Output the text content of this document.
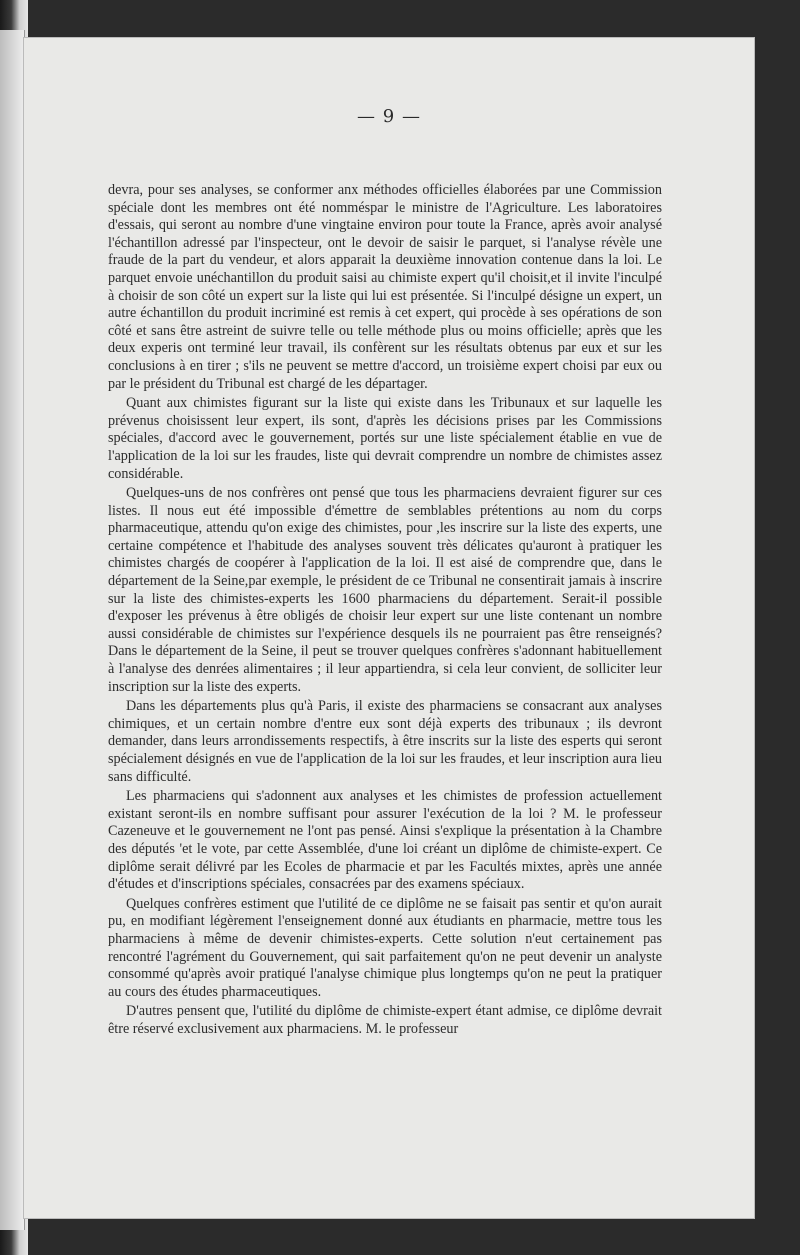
— 9 —

devra, pour ses analyses, se conformer anx méthodes officielles élaborées par une Commission spéciale dont les membres ont été nomméspar le ministre de l'Agriculture. Les laboratoires d'essais, qui seront au nombre d'une vingtaine environ pour toute la France, après avoir analysé l'échantillon adressé par l'inspecteur, ont le devoir de saisir le parquet, si l'analyse révèle une fraude de la part du vendeur, et alors apparait la deuxième innovation contenue dans la loi. Le parquet envoie unéchantillon du produit saisi au chimiste expert qu'il choisit,et il invite l'inculpé à choisir de son côté un expert sur la liste qui lui est présentée. Si l'inculpé désigne un expert, un autre échantillon du produit incriminé est remis à cet expert, qui procède à ses opérations de son côté et sans être astreint de suivre telle ou telle méthode plus ou moins officielle; après que les deux experis ont terminé leur travail, ils confèrent sur les résultats obtenus par eux et sur les conclusions à en tirer ; s'ils ne peuvent se mettre d'accord, un troisième expert choisi par eux ou par le président du Tribunal est chargé de les départager.

Quant aux chimistes figurant sur la liste qui existe dans les Tribunaux et sur laquelle les prévenus choisissent leur expert, ils sont, d'après les décisions prises par les Commissions spéciales, d'accord avec le gouvernement, portés sur une liste spécialement établie en vue de l'application de la loi sur les fraudes, liste qui devrait comprendre un nombre de chimistes assez considérable.

Quelques-uns de nos confrères ont pensé que tous les pharmaciens devraient figurer sur ces listes. Il nous eut été impossible d'émettre de semblables prétentions au nom du corps pharmaceutique, attendu qu'on exige des chimistes, pour ,les inscrire sur la liste des experts, une certaine compétence et l'habitude des analyses souvent très délicates qu'auront à pratiquer les chimistes chargés de coopérer à l'application de la loi. Il est aisé de comprendre que, dans le département de la Seine,par exemple, le président de ce Tribunal ne consentirait jamais à inscrire sur la liste des chimistes-experts les 1600 pharmaciens du département. Serait-il possible d'exposer les prévenus à être obligés de choisir leur expert sur une liste contenant un nombre aussi considérable de chimistes sur l'expérience desquels ils ne pourraient pas être renseignés? Dans le département de la Seine, il peut se trouver quelques confrères s'adonnant habituellement à l'analyse des denrées alimentaires ; il leur appartiendra, si cela leur convient, de solliciter leur inscription sur la liste des experts.

Dans les départements plus qu'à Paris, il existe des pharmaciens se consacrant aux analyses chimiques, et un certain nombre d'entre eux sont déjà experts des tribunaux ; ils devront demander, dans leurs arrondissements respectifs, à être inscrits sur la liste des esperts qui seront spécialement désignés en vue de l'application de la loi sur les fraudes, et leur inscription aura lieu sans difficulté.

Les pharmaciens qui s'adonnent aux analyses et les chimistes de profession actuellement existant seront-ils en nombre suffisant pour assurer l'exécution de la loi ? M. le professeur Cazeneuve et le gouvernement ne l'ont pas pensé. Ainsi s'explique la présentation à la Chambre des députés 'et le vote, par cette Assemblée, d'une loi créant un diplôme de chimiste-expert. Ce diplôme serait délivré par les Ecoles de pharmacie et par les Facultés mixtes, après une année d'études et d'inscriptions spéciales, consacrées par des examens spéciaux.

Quelques confrères estiment que l'utilité de ce diplôme ne se faisait pas sentir et qu'on aurait pu, en modifiant légèrement l'enseignement donné aux étudiants en pharmacie, mettre tous les pharmaciens à même de devenir chimistes-experts. Cette solution n'eut certainement pas rencontré l'agrément du Gouvernement, qui sait parfaitement qu'on ne peut devenir un analyste consommé qu'après avoir pratiqué l'analyse chimique plus longtemps qu'on ne peut la pratiquer au cours des études pharmaceutiques.

D'autres pensent que, l'utilité du diplôme de chimiste-expert étant admise, ce diplôme devrait être réservé exclusivement aux pharmaciens. M. le professeur
